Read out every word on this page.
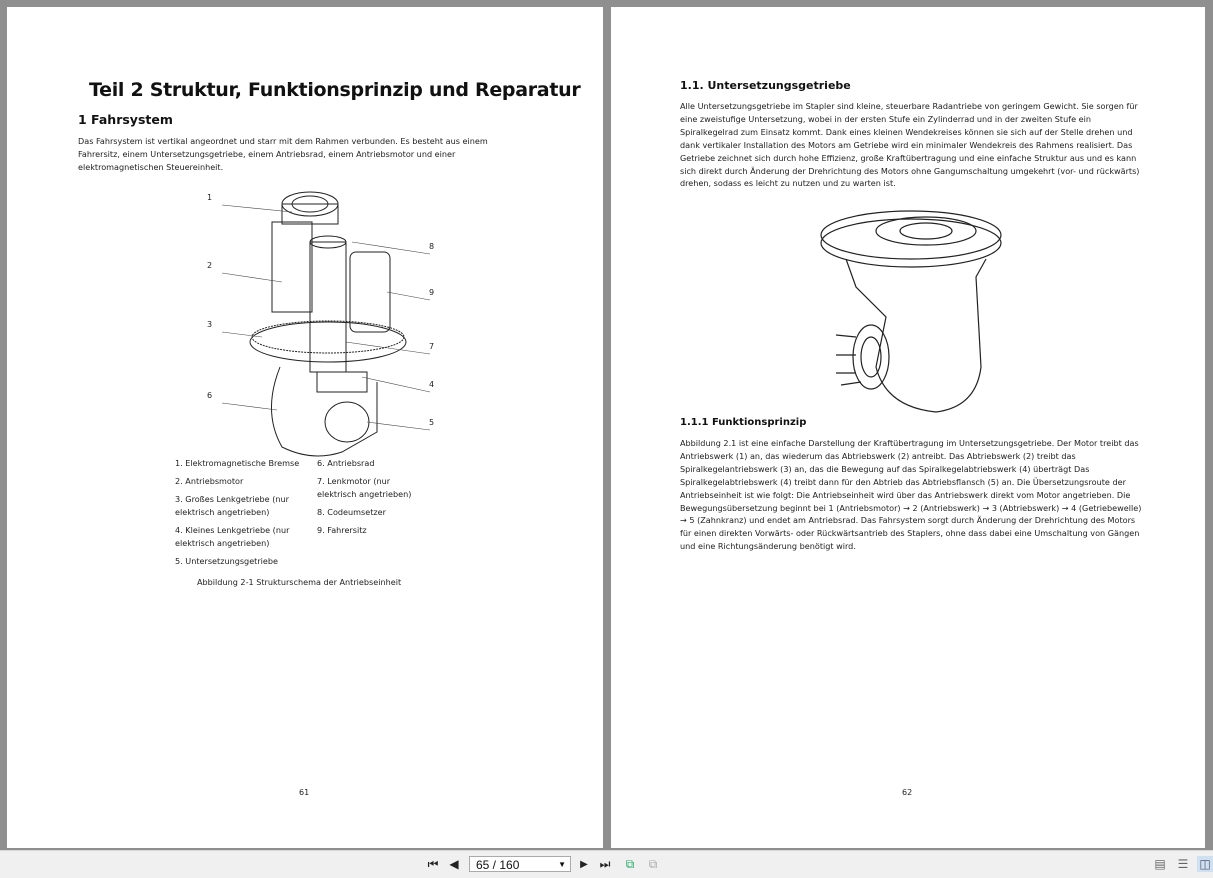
Teil 2 Struktur, Funktionsprinzip und Reparatur
1 Fahrsystem
Das Fahrsystem ist vertikal angeordnet und starr mit dem Rahmen verbunden. Es besteht aus einem Fahrersitz, einem Untersetzungsgetriebe, einem Antriebsrad, einem Antriebsmotor und einer elektromagnetischen Steuereinheit.
1
2
3
6
8
9
7
4
5
1. Elektromagnetische Bremse
2. Antriebsmotor
3. Großes Lenkgetriebe (nur elektrisch angetrieben)
4. Kleines Lenkgetriebe (nur elektrisch angetrieben)
5. Untersetzungsgetriebe
6. Antriebsrad
7. Lenkmotor (nur elektrisch angetrieben)
8. Codeumsetzer
9. Fahrersitz
Abbildung 2-1 Strukturschema der Antriebseinheit
61
1.1. Untersetzungsgetriebe
Alle Untersetzungsgetriebe im Stapler sind kleine, steuerbare Radantriebe von geringem Gewicht. Sie sorgen für eine zweistufige Untersetzung, wobei in der ersten Stufe ein Zylinderrad und in der zweiten Stufe ein Spiralkegelrad zum Einsatz kommt. Dank eines kleinen Wendekreises können sie sich auf der Stelle drehen und dank vertikaler Installation des Motors am Getriebe wird ein minimaler Wendekreis des Rahmens realisiert. Das Getriebe zeichnet sich durch hohe Effizienz, große Kraftübertragung und eine einfache Struktur aus und es kann sich direkt durch Änderung der Drehrichtung des Motors ohne Gangumschaltung umgekehrt (vor- und rückwärts) drehen, sodass es leicht zu nutzen und zu warten ist.
1.1.1 Funktionsprinzip
Abbildung 2.1 ist eine einfache Darstellung der Kraftübertragung im Untersetzungsgetriebe. Der Motor treibt das Antriebswerk (1) an, das wiederum das Abtriebswerk (2) antreibt. Das Abtriebswerk (2) treibt das Spiralkegelantriebswerk (3) an, das die Bewegung auf das Spiralkegelabtriebswerk (4) überträgt Das Spiralkegelabtriebswerk (4) treibt dann für den Abtrieb das Abtriebsflansch (5) an. Die Übersetzungsroute der Antriebseinheit ist wie folgt: Die Antriebseinheit wird über das Antriebswerk direkt vom Motor angetrieben. Die Bewegungsübersetzung beginnt bei 1 (Antriebsmotor) → 2 (Antriebswerk) → 3 (Abtriebswerk) → 4 (Getriebewelle) → 5 (Zahnkranz) und endet am Antriebsrad. Das Fahrsystem sorgt durch Änderung der Drehrichtung des Motors für einen direkten Vorwärts- oder Rückwärtsantrieb des Staplers, ohne dass dabei eine Umschaltung von Gängen und eine Richtungsänderung benötigt wird.
62
⏮ ◀	65 / 160	▼ ▶ ⏭	⧉	⧉	▤ ☰ ◫
